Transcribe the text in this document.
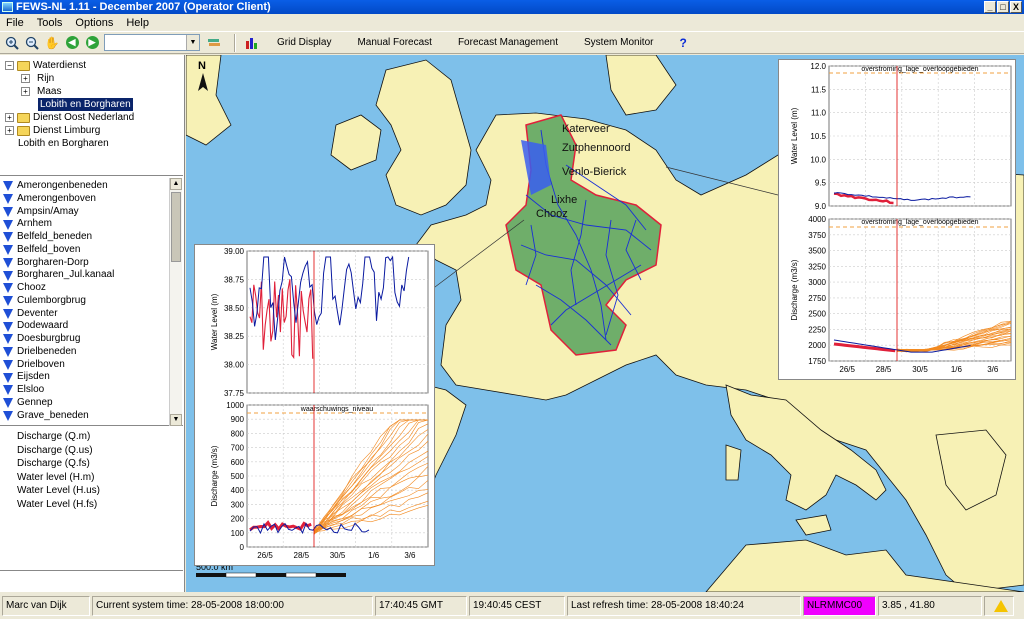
FEWS-NL 1.11 - December 2007 (Operator Client)	_ □ X
File Tools Options Help
✋	◀	▶	▼	Grid Display	Manual Forecast	Forecast Management	System Monitor	?
− Waterdienst
+ Rijn
+ Maas
Lobith en Borgharen
+ Dienst Oost Nederland
+ Dienst Limburg
Lobith en Borgharen
Amerongenbeneden
Amerongenboven
Ampsin/Amay
Arnhem
Belfeld_beneden
Belfeld_boven
Borgharen-Dorp
Borgharen_Jul.kanaal
Chooz
Culemborgbrug
Deventer
Dodewaard
Doesburgbrug
Drielbeneden
Drielboven
Eijsden
Elsloo
Gennep
Grave_beneden
▲
▼
Discharge (Q.m)
Discharge (Q.us)
Discharge (Q.fs)
Water level (H.m)
Water Level (H.us)
Water Level (H.fs)
Katerveer
Zutphennoord
Venlo-Bierick
Lixhe
Chooz
N
Water Level (m)
39.00
38.75
38.50
38.25
38.00
37.75
waarschuwings_niveau
Discharge (m3/s)
1000
900
800
700
600
500
400
300
200
100
0
26/5	28/5	30/5	1/6	3/6
overstroming_lage_overloopgebieden
Water Level (m)
12.0
11.5
11.0
10.5
10.0
9.5
9.0
overstroming_lage_overloopgebieden
Discharge (m3/s)
4000
3750
3500
3250
3000
2750
2500
2250
2000
1750
26/5	28/5	30/5	1/6	3/6
Marc van Dijk	Current system time: 28-05-2008 18:00:00	17:40:45 GMT	19:40:45 CEST	Last refresh time: 28-05-2008 18:40:24	NLRMMC00	3.85 , 41.80
